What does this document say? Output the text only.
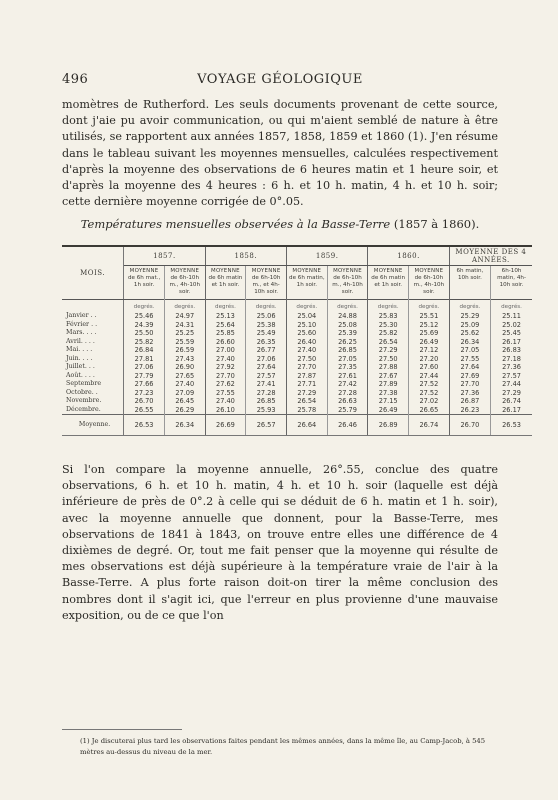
496	VOYAGE GÉOLOGIQUE
momètres de Rutherford. Les seuls documents provenant de cette source, dont j'aie pu avoir communication, ou qui m'aient semblé de nature à être utilisés, se rapportent aux années 1857, 1858, 1859 et 1860 (1). J'en résume dans le tableau suivant les moyennes mensuelles, calculées respectivement d'après la moyenne des observations de 6 heures matin et 1 heure soir, et d'après la moyenne des 4 heures : 6 h. et 10 h. matin, 4 h. et 10 h. soir; cette dernière moyenne corrigée de 0°.05.
Températures mensuelles observées à la Basse-Terre (1857 à 1860).
MOIS.	1857.		1858.		1859.		1860.		MOYENNE DES 4 ANNÉES.	

	MOYENNE
de 6h mat., 1h soir.	MOYENNE
de 6h-10h m., 4h-10h soir.	MOYENNE
de 6h matin et 1h soir.	MOYENNE
de 6h-10h m., et 4h-10h soir.	MOYENNE
de 6h matin, 1h soir.	MOYENNE
de 6h-10h m., 4h-10h soir.	MOYENNE
de 6h matin et 1h soir.	MOYENNE
de 6h-10h m., 4h-10h soir.	6h matin, 10h soir.	6h-10h matin, 4h-10h soir.
	degrés.	degrés.	degrés.	degrés.	degrés.	degrés.	degrés.	degrés.	degrés.	degrés.
Janvier . .	25.46	24.97	25.13	25.06	25.04	24.88	25.83	25.51	25.29	25.11
Février . .	24.39	24.31	25.64	25.38	25.10	25.08	25.30	25.12	25.09	25.02
Mars. . . .	25.50	25.25	25.85	25.49	25.60	25.39	25.82	25.69	25.62	25.45
Avril. . . .	25.82	25.59	26.60	26.35	26.40	26.25	26.54	26.49	26.34	26.17
Mai. . . .	26.84	26.59	27.00	26.77	27.40	26.85	27.29	27.12	27.05	26.83
Juin. . . .	27.81	27.43	27.40	27.06	27.50	27.05	27.50	27.20	27.55	27.18
Juillet. . .	27.06	26.90	27.92	27.64	27.70	27.35	27.88	27.60	27.64	27.36
Août. . . .	27.79	27.65	27.70	27.57	27.87	27.61	27.67	27.44	27.69	27.57
Septembre	27.66	27.40	27.62	27.41	27.71	27.42	27.89	27.52	27.70	27.44
Octobre. .	27.23	27.09	27.55	27.28	27.29	27.28	27.38	27.52	27.36	27.29
Novembre.	26.70	26.45	27.40	26.85	26.54	26.63	27.15	27.02	26.87	26.74
Décembre.	26.55	26.29	26.10	25.93	25.78	25.79	26.49	26.65	26.23	26.17
Moyenne.	26.53	26.34	26.69	26.57	26.64	26.46	26.89	26.74	26.70	26.53
Si l'on compare la moyenne annuelle, 26°.55, conclue des quatre observations, 6 h. et 10 h. matin, 4 h. et 10 h. soir (laquelle est déjà inférieure de près de 0°.2 à celle qui se déduit de 6 h. matin et 1 h. soir), avec la moyenne annuelle que donnent, pour la Basse-Terre, mes observations de 1841 à 1843, on trouve entre elles une différence de 4 dixièmes de degré. Or, tout me fait penser que la moyenne qui résulte de mes observations est déjà supérieure à la température vraie de l'air à la Basse-Terre. A plus forte raison doit-on tirer la même conclusion des nombres dont il s'agit ici, que l'erreur en plus provienne d'une mauvaise exposition, ou de ce que l'on
(1) Je discuterai plus tard les observations faites pendant les mêmes années, dans la même île, au Camp-Jacob, à 545 mètres au-dessus du niveau de la mer.
